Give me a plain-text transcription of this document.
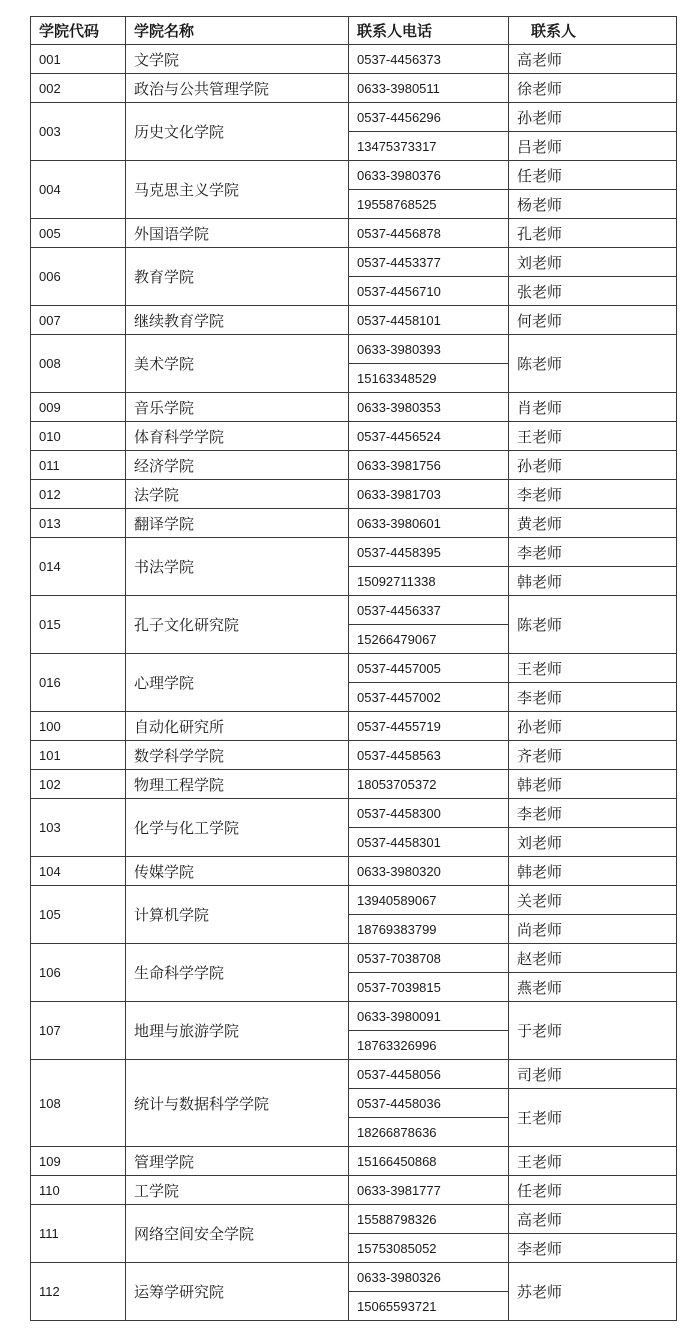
学院代码	学院名称	联系人电话	联系人
001	文学院	0537-4456373	高老师
002	政治与公共管理学院	0633-3980511	徐老师
003	历史文化学院	0537-4456296	孙老师
		13475373317	吕老师
004	马克思主义学院	0633-3980376	任老师
		19558768525	杨老师
005	外国语学院	0537-4456878	孔老师
006	教育学院	0537-4453377	刘老师
		0537-4456710	张老师
007	继续教育学院	0537-4458101	何老师
008	美术学院	0633-3980393	陈老师
		15163348529	
009	音乐学院	0633-3980353	肖老师
010	体育科学学院	0537-4456524	王老师
011	经济学院	0633-3981756	孙老师
012	法学院	0633-3981703	李老师
013	翻译学院	0633-3980601	黄老师
014	书法学院	0537-4458395	李老师
		15092711338	韩老师
015	孔子文化研究院	0537-4456337	陈老师
		15266479067	
016	心理学院	0537-4457005	王老师
		0537-4457002	李老师
100	自动化研究所	0537-4455719	孙老师
101	数学科学学院	0537-4458563	齐老师
102	物理工程学院	18053705372	韩老师
103	化学与化工学院	0537-4458300	李老师
		0537-4458301	刘老师
104	传媒学院	0633-3980320	韩老师
105	计算机学院	13940589067	关老师
		18769383799	尚老师
106	生命科学学院	0537-7038708	赵老师
		0537-7039815	燕老师
107	地理与旅游学院	0633-3980091	于老师
		18763326996	
108	统计与数据科学学院	0537-4458056	司老师
		0537-4458036	王老师
		18266878636	
109	管理学院	15166450868	王老师
110	工学院	0633-3981777	任老师
111	网络空间安全学院	15588798326	高老师
		15753085052	李老师
112	运筹学研究院	0633-3980326	苏老师
		15065593721	
